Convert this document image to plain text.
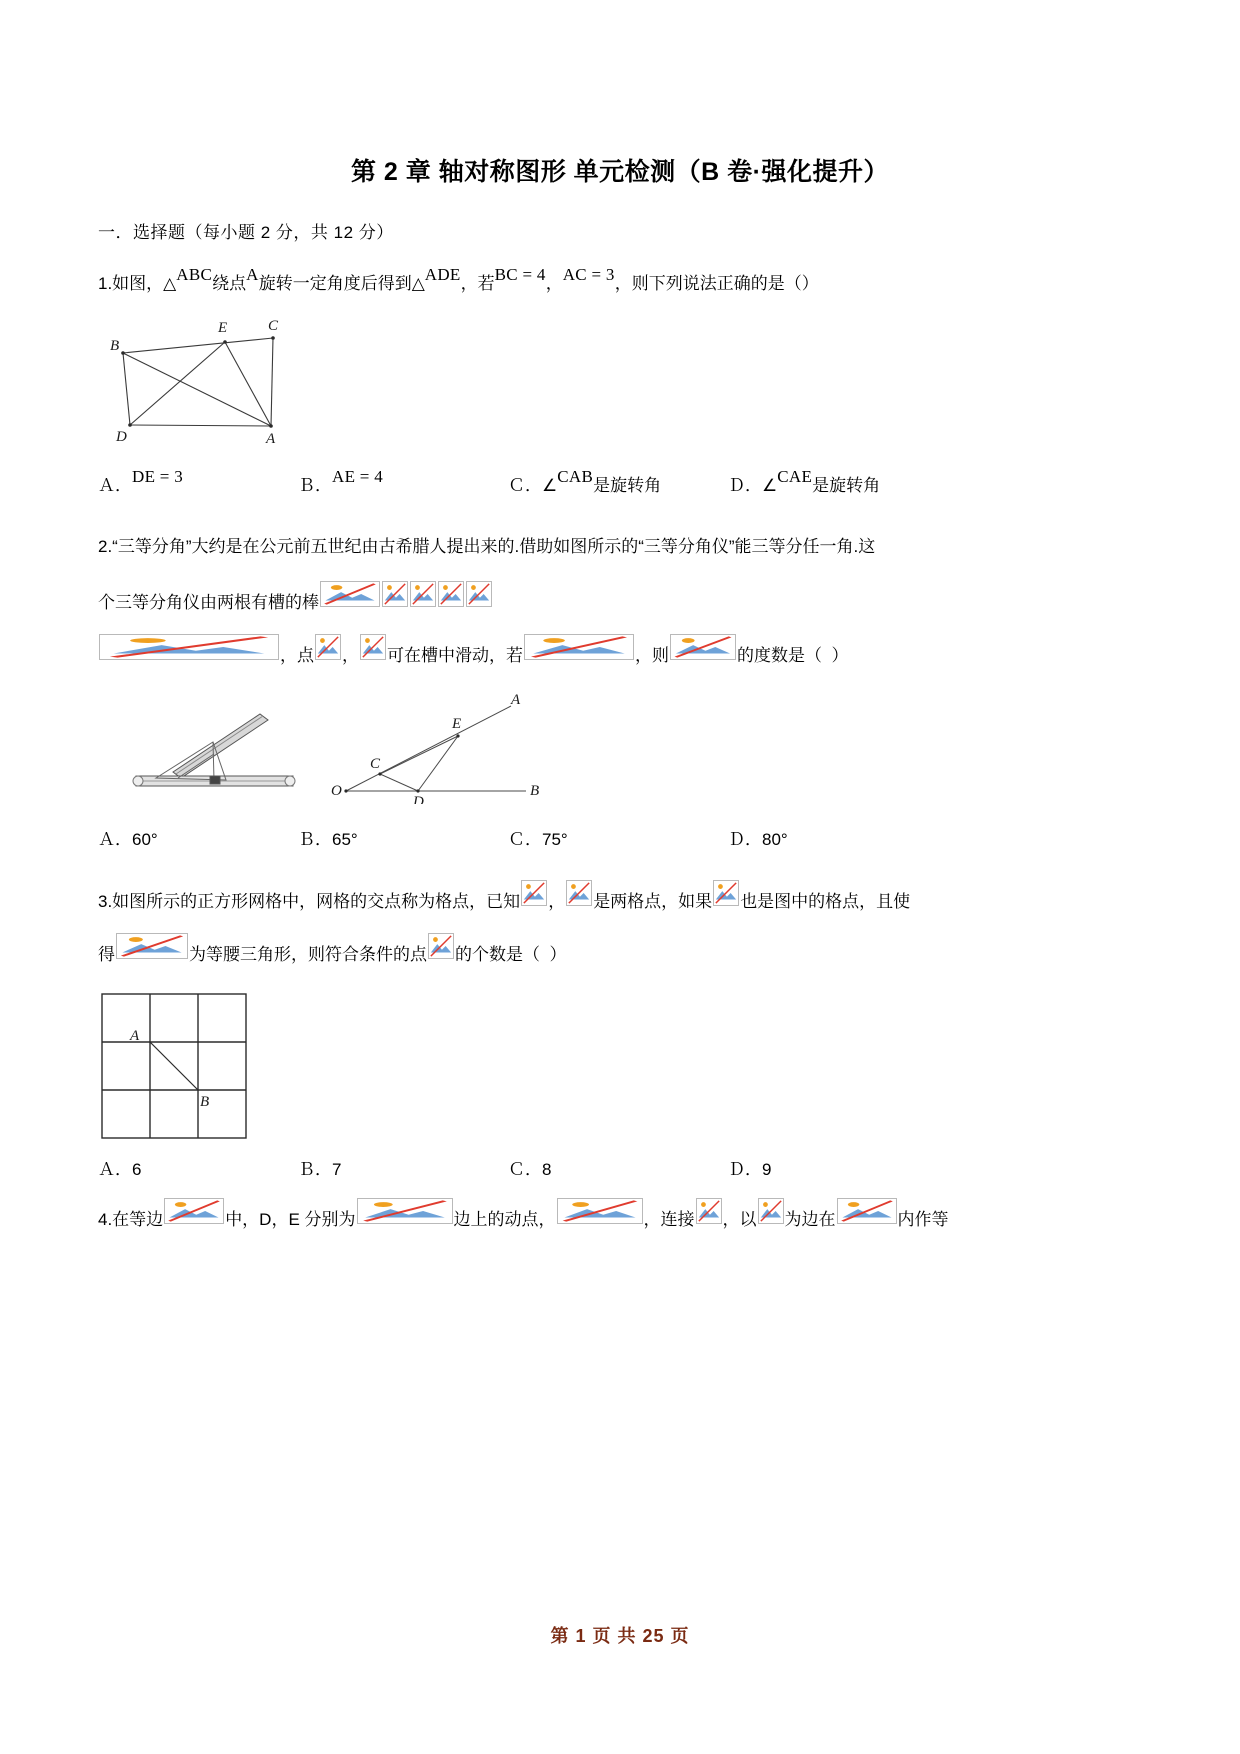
第 2 章 轴对称图形 单元检测（B 卷·强化提升）
一．选择题（每小题 2 分，共 12 分）
1.如图，△ ABC 绕点 A 旋转一定角度后得到△ ADE ，若 BC = 4 ， AC = 3 ，则下列说法正确的是（）
B
E	C
D	A
Ａ．DE = 3	Ｂ．AE = 4	Ｃ．∠CAB是旋转角	Ｄ．∠CAE是旋转角
2.“三等分角”大约是在公元前五世纪由古希腊人提出来的.借助如图所示的“三等分角仪”能三等分任一角.这
个三等分角仪由两根有槽的棒
，点 ， 可在槽中滑动，若	，则	的度数是（  ）
A
E
C
O
D
B
Ａ．60°	Ｂ．65°	Ｃ．75°	Ｄ．80°
3.如图所示的正方形网格中，网格的交点称为格点，已知 ， 是两格点，如果 也是图中的格点，且使
得	为等腰三角形，则符合条件的点 的个数是（  ）
A
B
Ａ．6	Ｂ．7	Ｃ．8	Ｄ．9
4.在等边	中，D，E 分别为	边上的动点，	，连接 ，以 为边在	内作等
第 1 页 共 25 页
